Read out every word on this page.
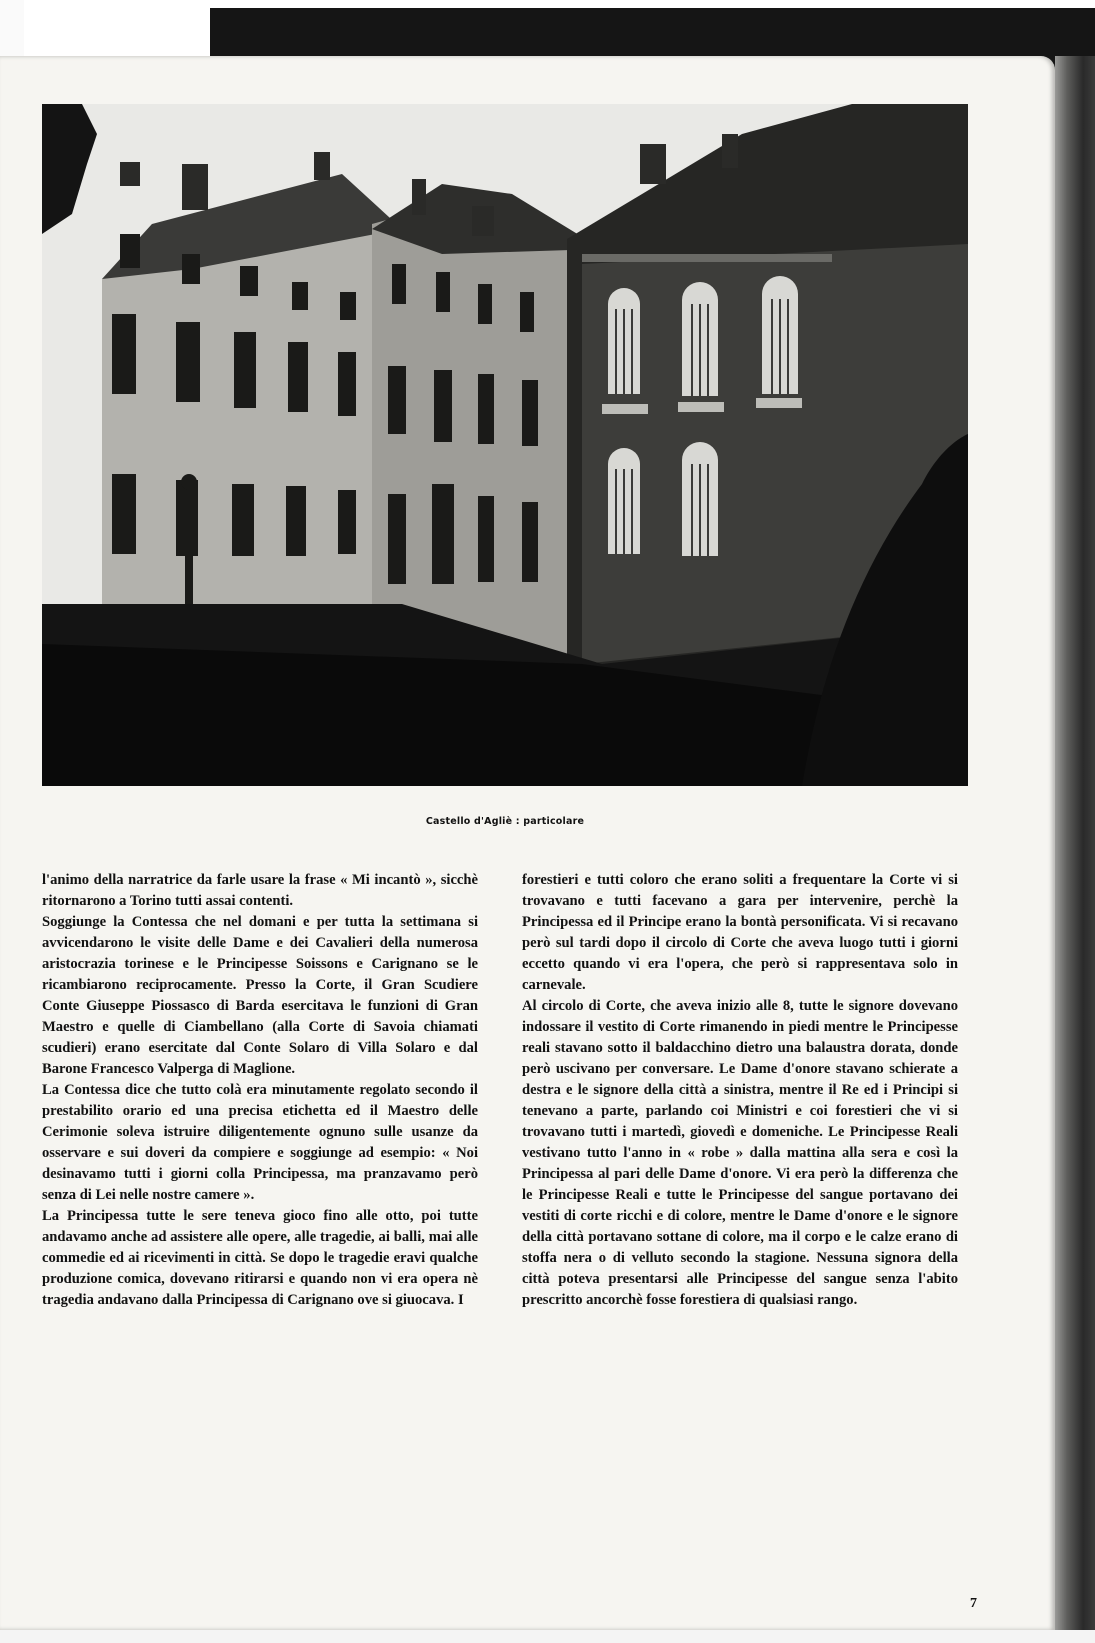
Castello d'Agliè : particolare

l'animo della narratrice da farle usare la frase « Mi incantò », sicchè ritornarono a Torino tutti assai contenti.

Soggiunge la Contessa che nel domani e per tutta la settimana si avvicendarono le visite delle Dame e dei Cavalieri della numerosa aristocrazia torinese e le Principesse Soissons e Carignano se le ricambiarono reciprocamente. Presso la Corte, il Gran Scudiere Conte Giuseppe Piossasco di Barda esercitava le funzioni di Gran Maestro e quelle di Ciambellano (alla Corte di Savoia chiamati scudieri) erano esercitate dal Conte Solaro di Villa Solaro e dal Barone Francesco Valperga di Maglione.

La Contessa dice che tutto colà era minutamente regolato secondo il prestabilito orario ed una precisa etichetta ed il Maestro delle Cerimonie soleva istruire diligentemente ognuno sulle usanze da osservare e sui doveri da compiere e soggiunge ad esempio: « Noi desinavamo tutti i giorni colla Principessa, ma pranzavamo però senza di Lei nelle nostre camere ».

La Principessa tutte le sere teneva gioco fino alle otto, poi tutte andavamo anche ad assistere alle opere, alle tragedie, ai balli, mai alle commedie ed ai ricevimenti in città. Se dopo le tragedie eravi qualche produzione comica, dovevano ritirarsi e quando non vi era opera nè tragedia andavano dalla Principessa di Carignano ove si giuocava. I

forestieri e tutti coloro che erano soliti a frequentare la Corte vi si trovavano e tutti facevano a gara per intervenire, perchè la Principessa ed il Principe erano la bontà personificata. Vi si recavano però sul tardi dopo il circolo di Corte che aveva luogo tutti i giorni eccetto quando vi era l'opera, che però si rappresentava solo in carnevale.

Al circolo di Corte, che aveva inizio alle 8, tutte le signore dovevano indossare il vestito di Corte rimanendo in piedi mentre le Principesse reali stavano sotto il baldacchino dietro una balaustra dorata, donde però uscivano per conversare. Le Dame d'onore stavano schierate a destra e le signore della città a sinistra, mentre il Re ed i Principi si tenevano a parte, parlando coi Ministri e coi forestieri che vi si trovavano tutti i martedì, giovedì e domeniche. Le Principesse Reali vestivano tutto l'anno in « robe » dalla mattina alla sera e così la Principessa al pari delle Dame d'onore. Vi era però la differenza che le Principesse Reali e tutte le Principesse del sangue portavano dei vestiti di corte ricchi e di colore, mentre le Dame d'onore e le signore della città portavano sottane di colore, ma il corpo e le calze erano di stoffa nera o di velluto secondo la stagione. Nessuna signora della città poteva presentarsi alle Principesse del sangue senza l'abito prescritto ancorchè fosse forestiera di qualsiasi rango.

7
